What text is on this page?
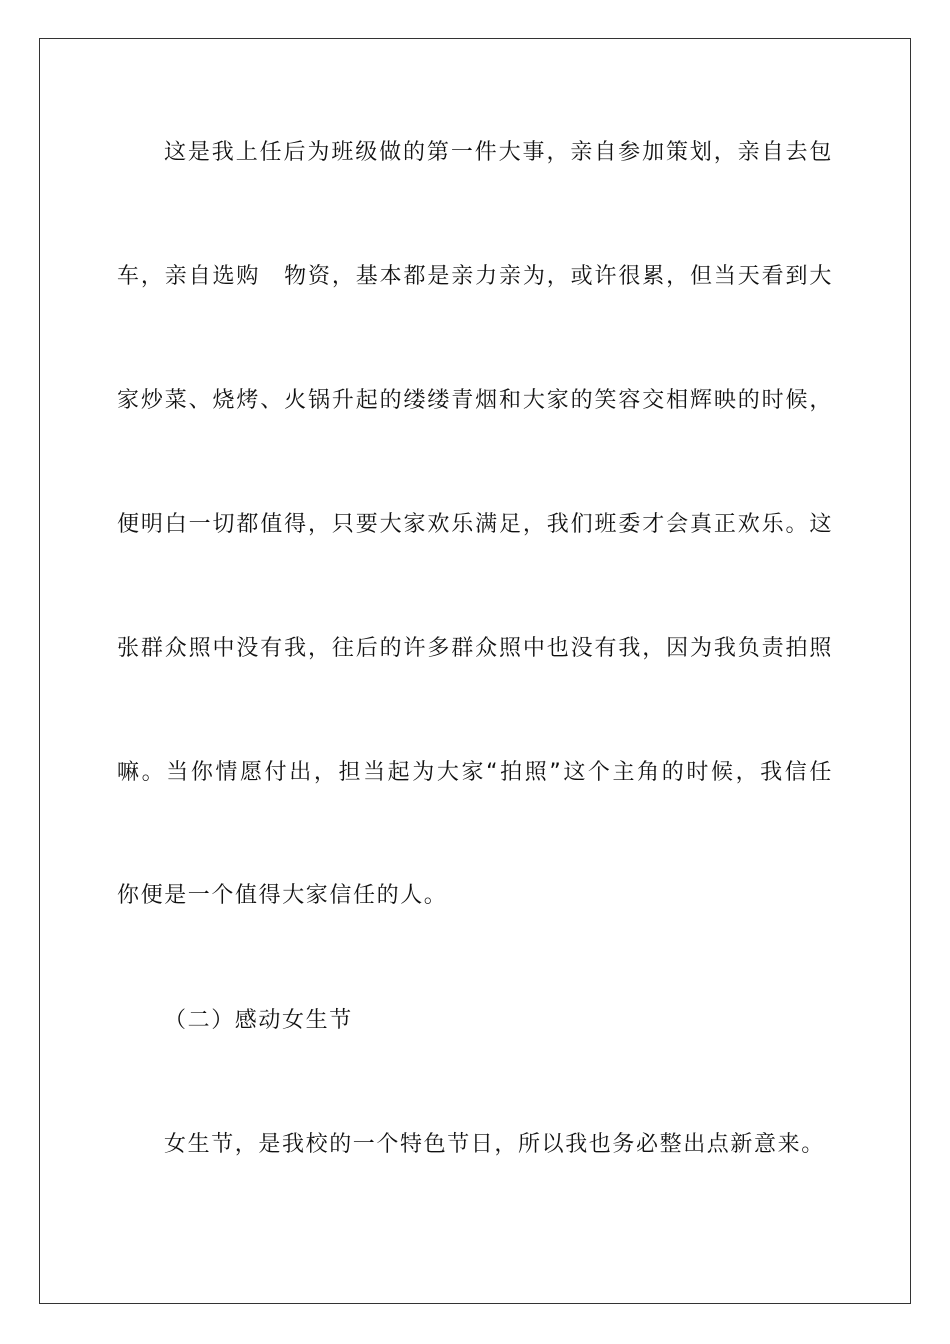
这是我上任后为班级做的第一件大事，亲自参加策划，亲自去包

车，亲自选购　物资，基本都是亲力亲为，或许很累，但当天看到大

家炒菜、烧烤、火锅升起的缕缕青烟和大家的笑容交相辉映的时候，

便明白一切都值得，只要大家欢乐满足，我们班委才会真正欢乐。这

张群众照中没有我，往后的许多群众照中也没有我，因为我负责拍照

嘛。当你情愿付出，担当起为大家“拍照”这个主角的时候，我信任

你便是一个值得大家信任的人。

（二）感动女生节

女生节，是我校的一个特色节日，所以我也务必整出点新意来。
